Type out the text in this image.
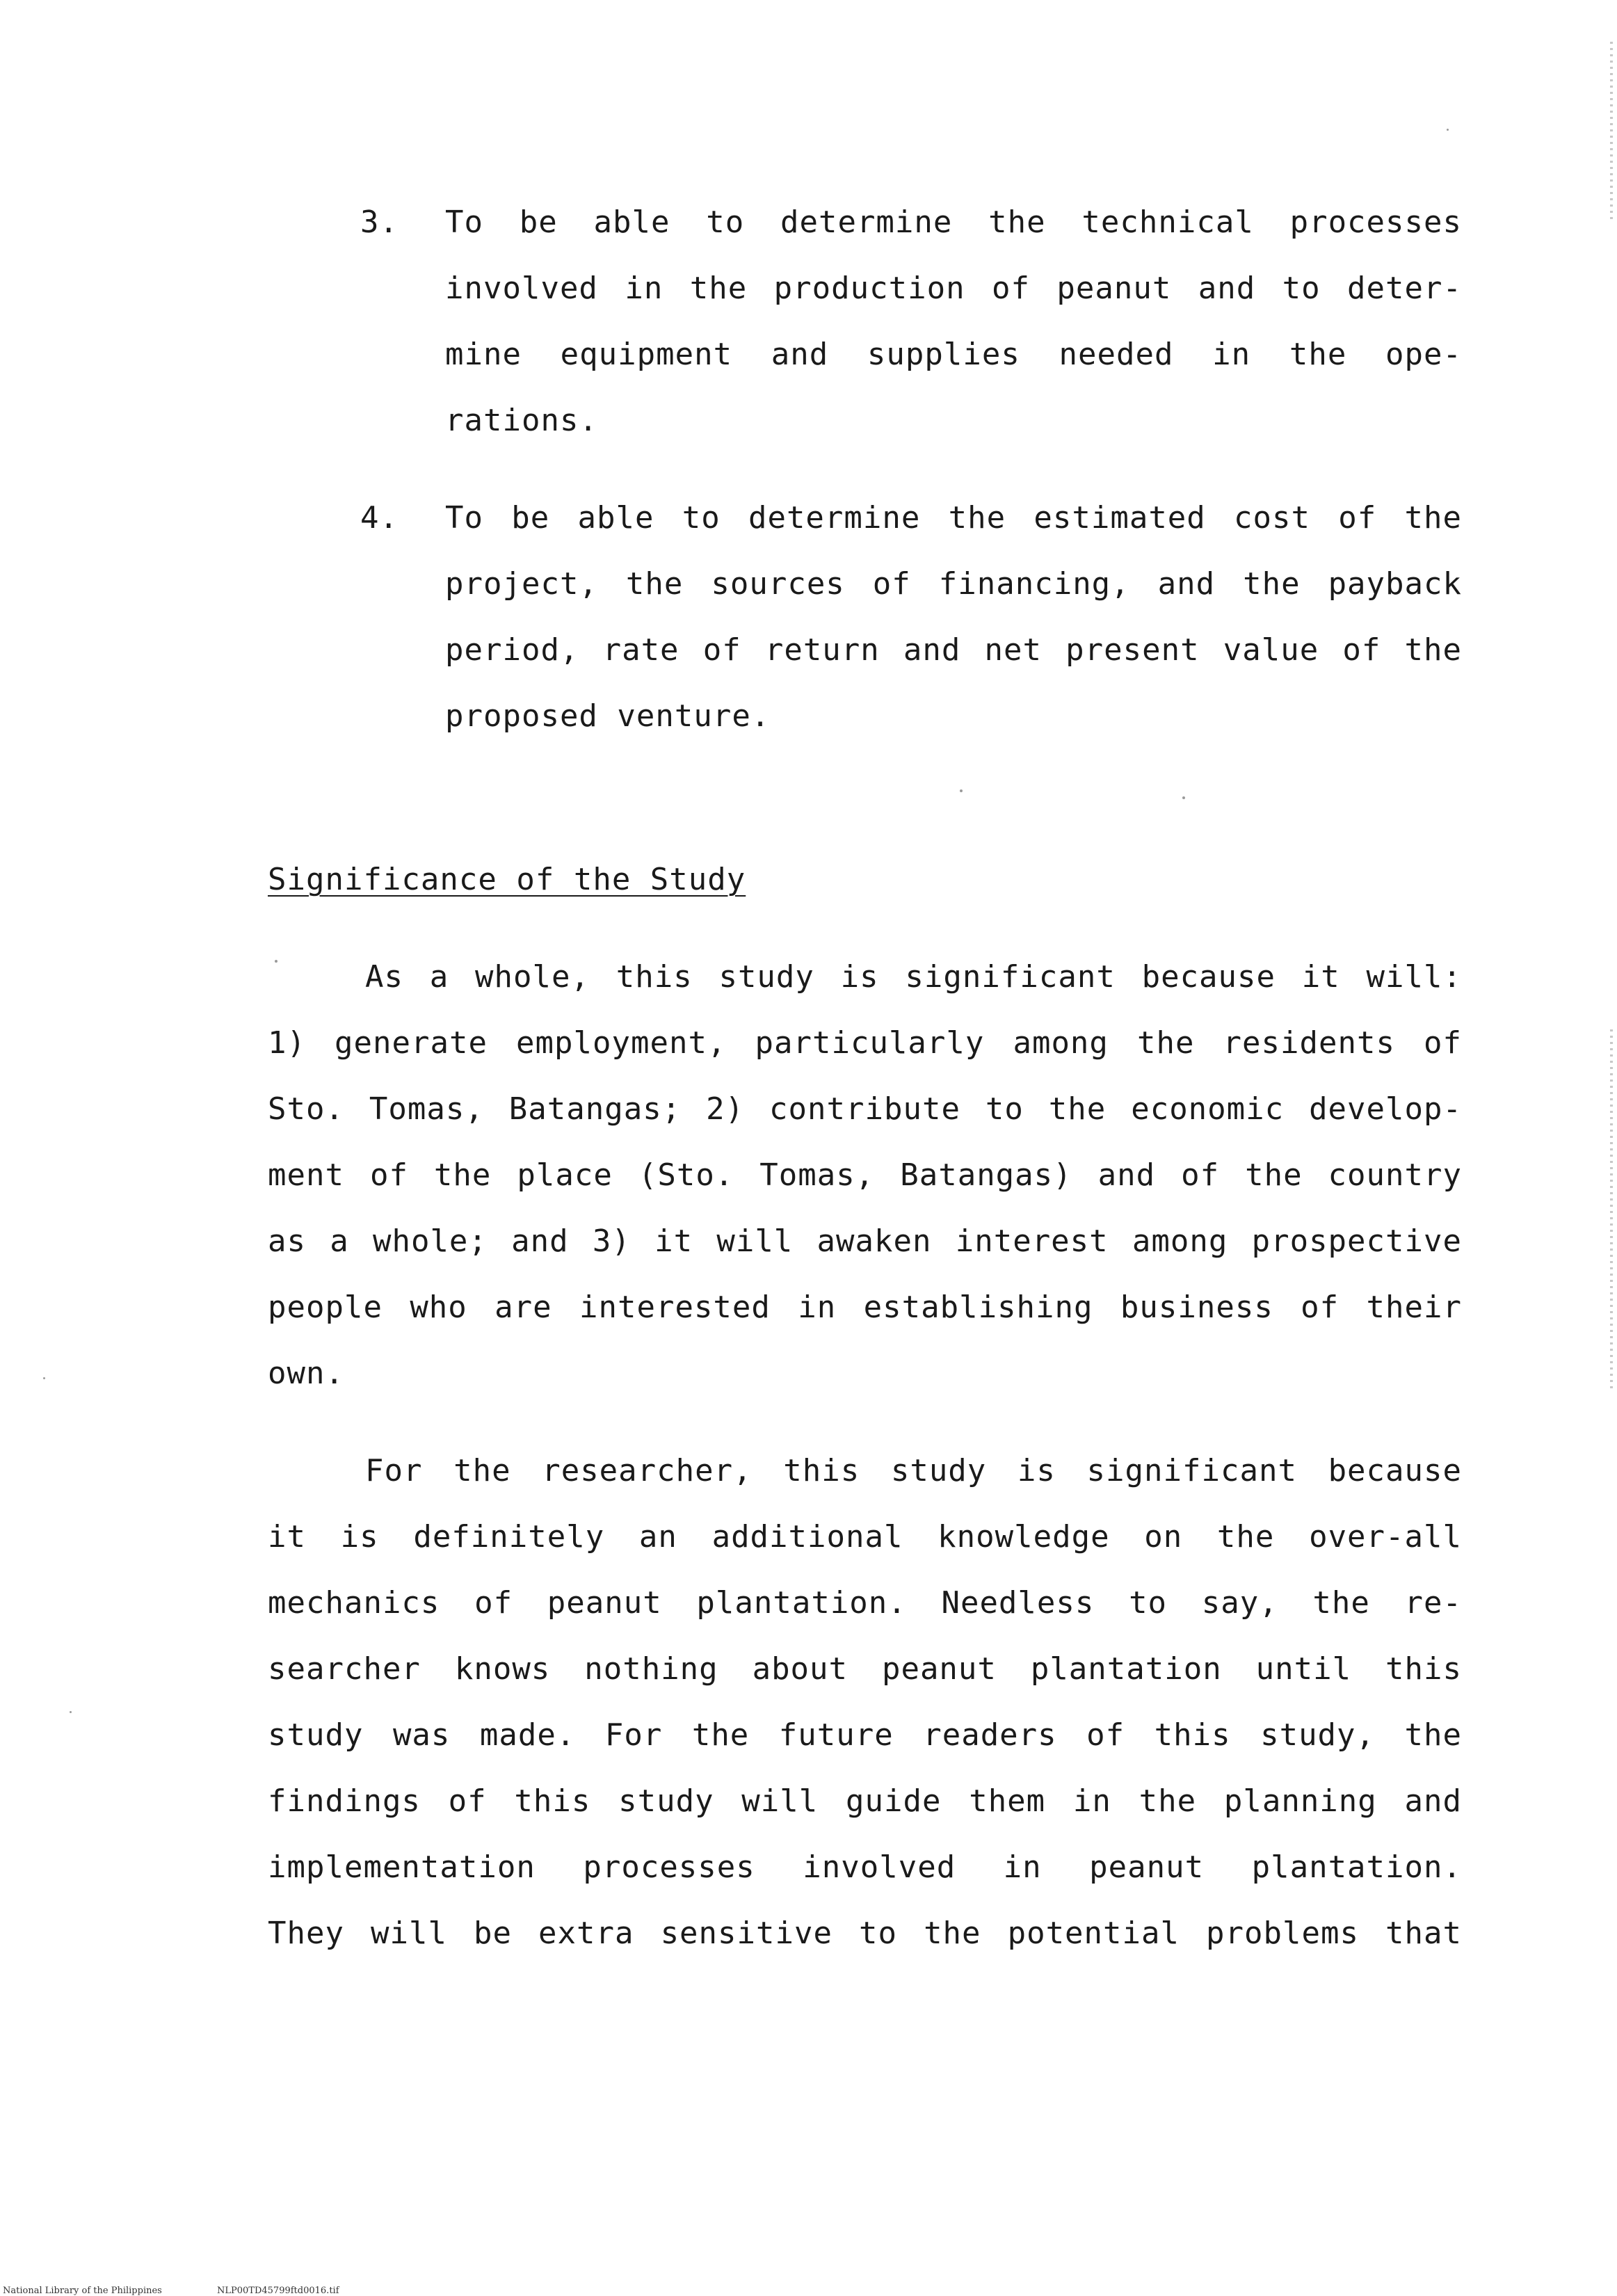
3. To be able to determine the technical processes
involved in the production of peanut and to deter-
mine equipment and supplies needed in the ope-
rations.
4. To be able to determine the estimated cost of the
project, the sources of financing, and the payback
period, rate of return and net present value of the
proposed venture.
Significance of the Study
As a whole, this study is significant because it will:
1) generate employment, particularly among the residents of
Sto. Tomas, Batangas; 2) contribute to the economic develop-
ment of the place (Sto. Tomas, Batangas) and of the country
as a whole; and 3) it will awaken interest among prospective
people who are interested in establishing business of their
own.
For the researcher, this study is significant because
it is definitely an additional knowledge on the over-all
mechanics of peanut plantation. Needless to say, the re-
searcher knows nothing about peanut plantation until this
study was made. For the future readers of this study, the
findings of this study will guide them in the planning and
implementation processes involved in peanut plantation.
They will be extra sensitive to the potential problems that
National Library of the Philippines	NLP00TD45799ftd0016.tif
